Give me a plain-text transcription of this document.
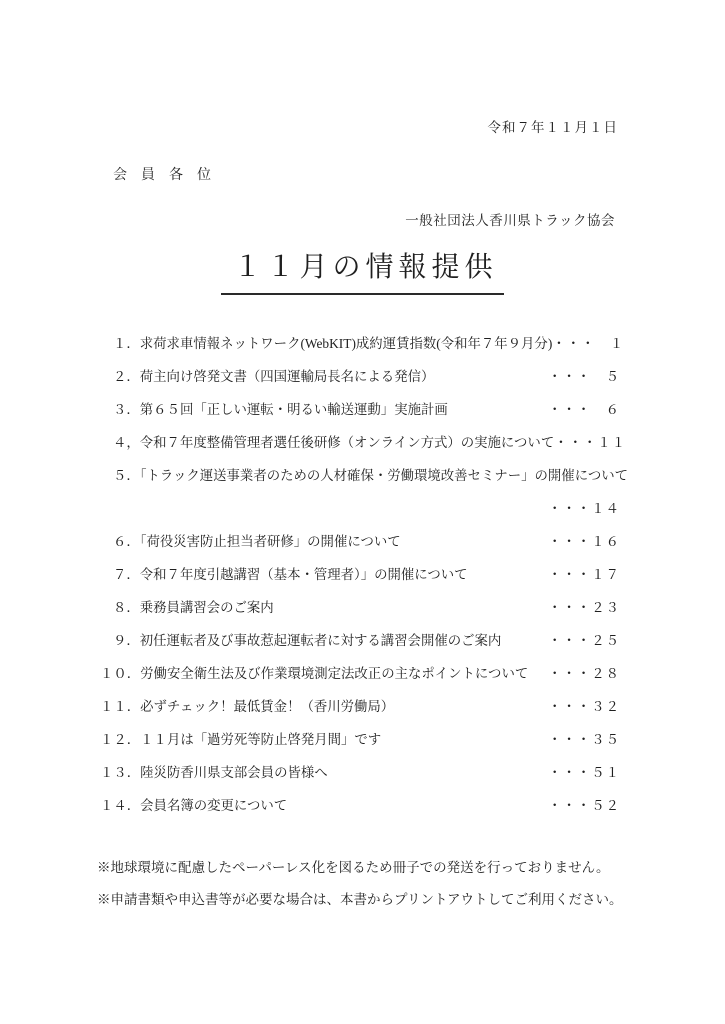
令和７年１１月１日
会　員　各　位
一般社団法人香川県トラック協会
１１月の情報提供
１．求荷求車情報ネットワーク(WebKIT)成約運賃指数(令和年７年９月分) ・・・　１
２．荷主向け啓発文書（四国運輸局長名による発信）	・・・　５
３．第６５回「正しい運転・明るい輸送運動」実施計画	・・・　６
４，令和７年度整備管理者選任後研修（オンライン方式）の実施について ・・・１１
５．「トラック運送事業者のための人材確保・労働環境改善セミナー」の開催について
・・・１４
６．「荷役災害防止担当者研修」の開催について	・・・１６
７．令和７年度引越講習（基本・管理者）」の開催について	・・・１７
８．乗務員講習会のご案内	・・・２３
９．初任運転者及び事故惹起運転者に対する講習会開催のご案内	・・・２５
１０．労働安全衛生法及び作業環境測定法改正の主なポイントについて ・・・２８
１１．必ずチェック！最低賃金！（香川労働局）	・・・３２
１２．１１月は「過労死等防止啓発月間」です	・・・３５
１３．陸災防香川県支部会員の皆様へ	・・・５１
１４．会員名簿の変更について	・・・５２
※地球環境に配慮したペーパーレス化を図るため冊子での発送を行っておりません。
※申請書類や申込書等が必要な場合は、本書からプリントアウトしてご利用ください。
